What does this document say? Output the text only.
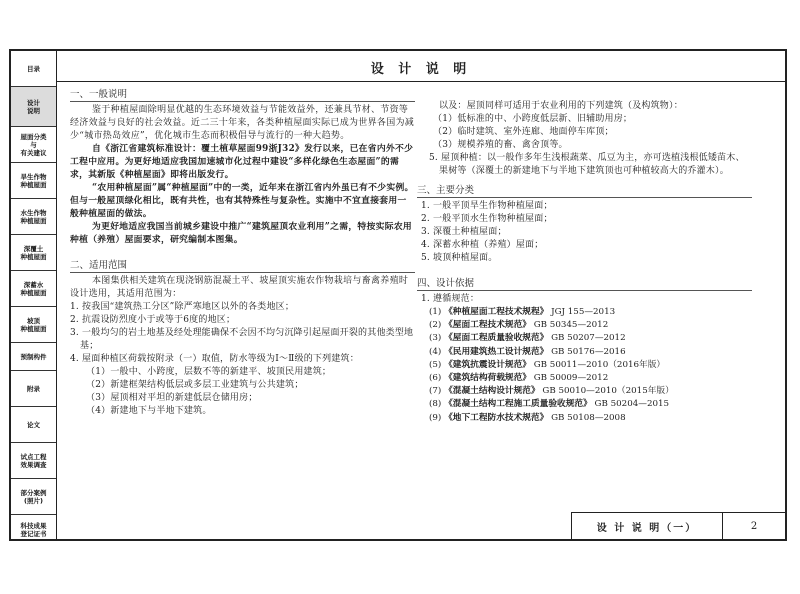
目录
设计
说明
屋面分类
与
有关建议
旱生作物
种植屋面
水生作物
种植屋面
深覆土
种植屋面
深蓄水
种植屋面
坡顶
种植屋面
预制构件
附录
论文
试点工程
效果调查
部分案例
(照片)
科技成果
登记证书
设 计 说 明
一、一般说明

鉴于种植屋面除明显优越的生态环境效益与节能效益外，还兼具节材、节资等经济效益与良好的社会效益。近二三十年来，各类种植屋面实际已成为世界各国为减少“城市热岛效应”，优化城市生态而积极倡导与流行的一种大趋势。

自《浙江省建筑标准设计：覆土植草屋面99浙J32》发行以来，已在省内外不少工程中应用。为更好地适应我国加速城市化过程中建设“多样化绿色生态屋面”的需求，其新版《种植屋面》即将出版发行。

“农用种植屋面”属“种植屋面”中的一类，近年来在浙江省内外虽已有不少实例。但与一般屋顶绿化相比，既有共性，也有其特殊性与复杂性。实施中不宜直接套用一般种植屋面的做法。

为更好地适应我国当前城乡建设中推广“建筑屋顶农业利用”之需，特按实际农用种植（养殖）屋面要求，研究编制本图集。

二、适用范围

本图集供相关建筑在现浇钢筋混凝土平、坡屋顶实施农作物栽培与畜禽养殖时设计选用，其适用范围为：

1. 按我国“建筑热工分区”除严寒地区以外的各类地区；

2. 抗震设防烈度小于或等于6度的地区；

3. 一般均匀的岩土地基及经处理能确保不会因不均匀沉降引起屋面开裂的其他类型地基；

4. 屋面种植区荷载按附录（一）取值，防水等级为Ⅰ～Ⅱ级的下列建筑：

（1）一般中、小跨度，层数不等的新建平、坡顶民用建筑；

（2）新建框架结构低层或多层工业建筑与公共建筑；

（3）屋顶相对平坦的新建低层仓储用房；

（4）新建地下与半地下建筑。

以及：屋顶同样可适用于农业利用的下列建筑（及构筑物）：

（1）低标准的中、小跨度低层新、旧辅助用房；

（2）临时建筑、室外连廊、地面停车库顶；

（3）规模养殖的畜、禽舍顶等。

5. 屋顶种植：以一般作多年生浅根蔬菜、瓜豆为主，亦可选植浅根低矮苗木、果树等（深覆土的新建地下与半地下建筑顶也可种植较高大的乔灌木）。

三、主要分类

1. 一般平顶旱生作物种植屋面；

2. 一般平顶水生作物种植屋面；

3. 深覆土种植屋面；

4. 深蓄水种植（养殖）屋面；

5. 坡顶种植屋面。

四、设计依据

1. 遵循规范：

(1) 《种植屋面工程技术规程》 JGJ 155—2013

(2) 《屋面工程技术规范》 GB 50345—2012

(3) 《屋面工程质量验收规范》 GB 50207—2012

(4) 《民用建筑热工设计规范》 GB 50176—2016

(5) 《建筑抗震设计规范》 GB 50011—2010（2016年版）

(6) 《建筑结构荷载规范》 GB 50009—2012

(7) 《混凝土结构设计规范》 GB 50010—2010（2015年版）

(8) 《混凝土结构工程施工质量验收规范》 GB 50204—2015

(9) 《地下工程防水技术规范》 GB 50108—2008

设 计 说 明（一）	2
